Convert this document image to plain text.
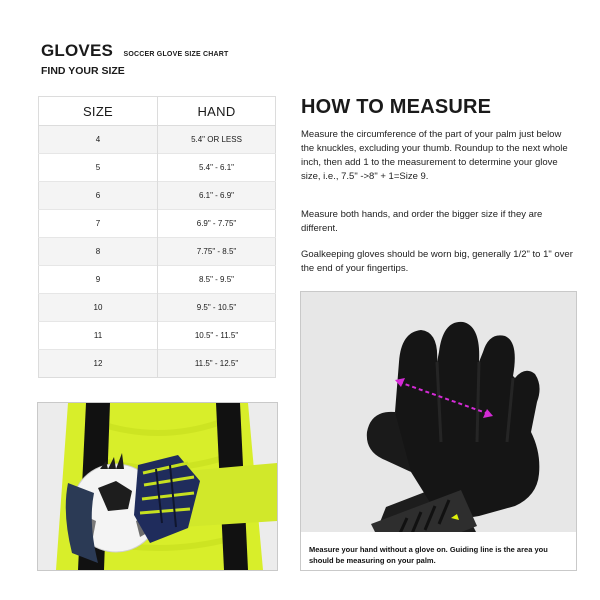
GLOVES SOCCER GLOVE SIZE CHART
FIND YOUR SIZE
SIZE	HAND
4	5.4" OR LESS
5	5.4" - 6.1"
6	6.1" - 6.9"
7	6.9" - 7.75"
8	7.75" - 8.5"
9	8.5" - 9.5"
10	9.5" - 10.5"
11	10.5" - 11.5"
12	11.5" - 12.5"
HOW TO MEASURE

Measure the circumference of the part of your palm just below the knuckles, excluding your thumb. Roundup to the next whole inch, then add 1 to the measurement to determine your glove size, i.e., 7.5" ->8" + 1=Size 9.

Measure both hands, and order the bigger size if they are different.

Goalkeeping gloves should be worn big, generally 1/2" to 1" over the end of your fingertips.

Measure your hand without a glove on. Guiding line is the area you should be measuring on your palm.
